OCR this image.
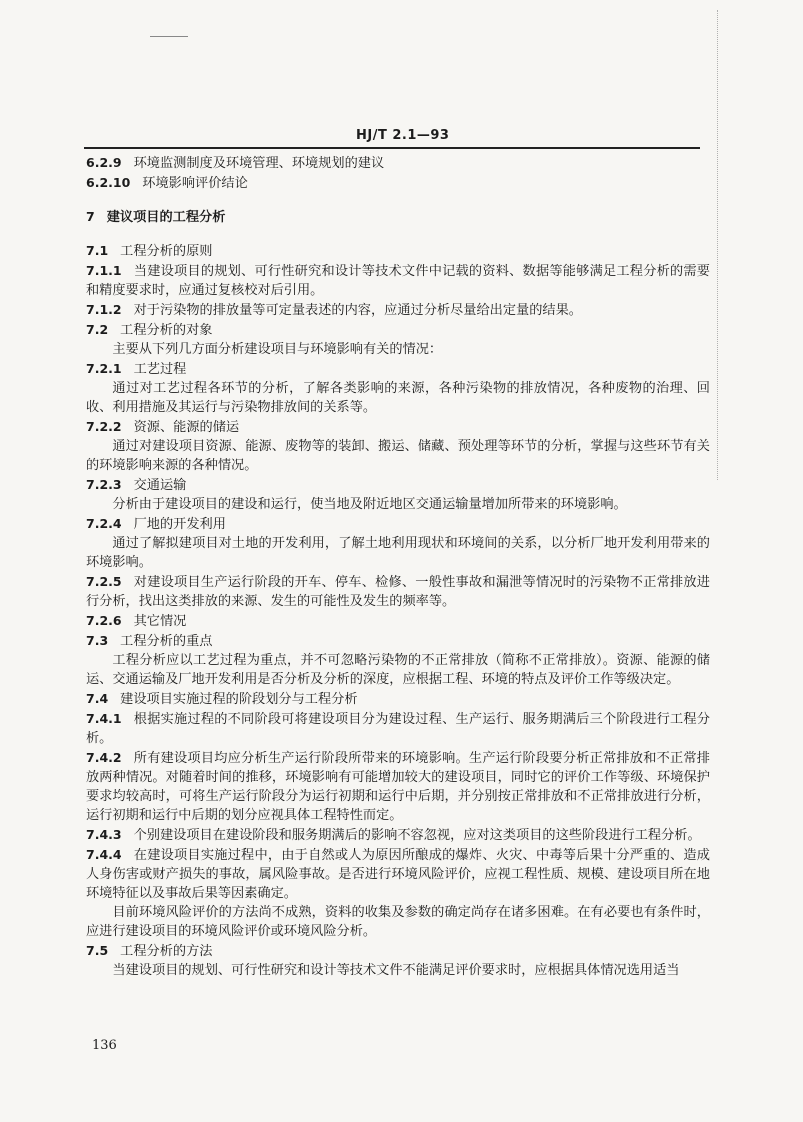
HJ/T 2.1—93

6.2.9 环境监测制度及环境管理、环境规划的建议

6.2.10 环境影响评价结论

7 建议项目的工程分析

7.1 工程分析的原则

7.1.1 当建设项目的规划、可行性研究和设计等技术文件中记载的资料、数据等能够满足工程分析的需要和精度要求时，应通过复核校对后引用。

7.1.2 对于污染物的排放量等可定量表述的内容，应通过分析尽量给出定量的结果。

7.2 工程分析的对象

主要从下列几方面分析建设项目与环境影响有关的情况：

7.2.1 工艺过程

通过对工艺过程各环节的分析，了解各类影响的来源，各种污染物的排放情况，各种废物的治理、回收、利用措施及其运行与污染物排放间的关系等。

7.2.2 资源、能源的储运

通过对建设项目资源、能源、废物等的装卸、搬运、储藏、预处理等环节的分析，掌握与这些环节有关的环境影响来源的各种情况。

7.2.3 交通运输

分析由于建设项目的建设和运行，使当地及附近地区交通运输量增加所带来的环境影响。

7.2.4 厂地的开发利用

通过了解拟建项目对土地的开发利用，了解土地利用现状和环境间的关系，以分析厂地开发利用带来的环境影响。

7.2.5 对建设项目生产运行阶段的开车、停车、检修、一般性事故和漏泄等情况时的污染物不正常排放进行分析，找出这类排放的来源、发生的可能性及发生的频率等。

7.2.6 其它情况

7.3 工程分析的重点

工程分析应以工艺过程为重点，并不可忽略污染物的不正常排放（简称不正常排放）。资源、能源的储运、交通运输及厂地开发利用是否分析及分析的深度，应根据工程、环境的特点及评价工作等级决定。

7.4 建设项目实施过程的阶段划分与工程分析

7.4.1 根据实施过程的不同阶段可将建设项目分为建设过程、生产运行、服务期满后三个阶段进行工程分析。

7.4.2 所有建设项目均应分析生产运行阶段所带来的环境影响。生产运行阶段要分析正常排放和不正常排放两种情况。对随着时间的推移，环境影响有可能增加较大的建设项目，同时它的评价工作等级、环境保护要求均较高时，可将生产运行阶段分为运行初期和运行中后期，并分别按正常排放和不正常排放进行分析，运行初期和运行中后期的划分应视具体工程特性而定。

7.4.3 个别建设项目在建设阶段和服务期满后的影响不容忽视，应对这类项目的这些阶段进行工程分析。

7.4.4 在建设项目实施过程中，由于自然或人为原因所酿成的爆炸、火灾、中毒等后果十分严重的、造成人身伤害或财产损失的事故，属风险事故。是否进行环境风险评价，应视工程性质、规模、建设项目所在地环境特征以及事故后果等因素确定。

目前环境风险评价的方法尚不成熟，资料的收集及参数的确定尚存在诸多困难。在有必要也有条件时，应进行建设项目的环境风险评价或环境风险分析。

7.5 工程分析的方法

当建设项目的规划、可行性研究和设计等技术文件不能满足评价要求时，应根据具体情况选用适当

136
